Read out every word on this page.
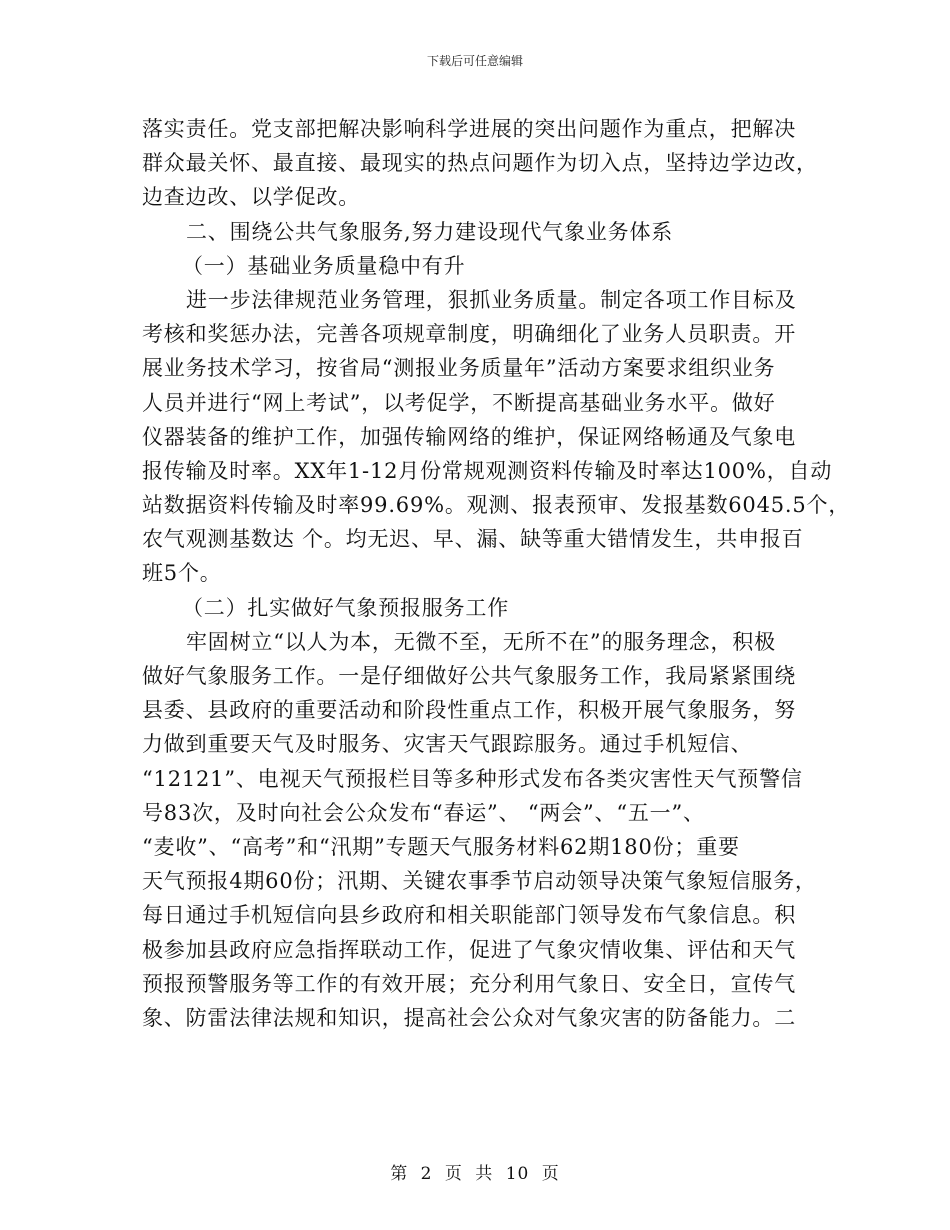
下载后可任意编辑
落实责任。党支部把解决影响科学进展的突出问题作为重点，把解决
群众最关怀、最直接、最现实的热点问题作为切入点，坚持边学边改，
边查边改、以学促改。
二、围绕公共气象服务,努力建设现代气象业务体系
（一）基础业务质量稳中有升
进一步法律规范业务管理，狠抓业务质量。制定各项工作目标及
考核和奖惩办法，完善各项规章制度，明确细化了业务人员职责。开
展业务技术学习，按省局“测报业务质量年”活动方案要求组织业务
人员并进行“网上考试”，以考促学，不断提高基础业务水平。做好
仪器装备的维护工作，加强传输网络的维护，保证网络畅通及气象电
报传输及时率。XX年1-12月份常规观测资料传输及时率达100%，自动
站数据资料传输及时率99.69%。观测、报表预审、发报基数6045.5个，
农气观测基数达 个。均无迟、早、漏、缺等重大错情发生，共申报百
班5个。
（二）扎实做好气象预报服务工作
牢固树立“以人为本，无微不至，无所不在”的服务理念，积极
做好气象服务工作。一是仔细做好公共气象服务工作，我局紧紧围绕
县委、县政府的重要活动和阶段性重点工作，积极开展气象服务，努
力做到重要天气及时服务、灾害天气跟踪服务。通过手机短信、
“12121”、电视天气预报栏目等多种形式发布各类灾害性天气预警信
号83次，及时向社会公众发布“春运”、 “两会”、“五一”、
“麦收”、“高考”和“汛期”专题天气服务材料62期180份；重要
天气预报4期60份；汛期、关键农事季节启动领导决策气象短信服务，
每日通过手机短信向县乡政府和相关职能部门领导发布气象信息。积
极参加县政府应急指挥联动工作，促进了气象灾情收集、评估和天气
预报预警服务等工作的有效开展；充分利用气象日、安全日，宣传气
象、防雷法律法规和知识，提高社会公众对气象灾害的防备能力。二
第 2 页 共 10 页
